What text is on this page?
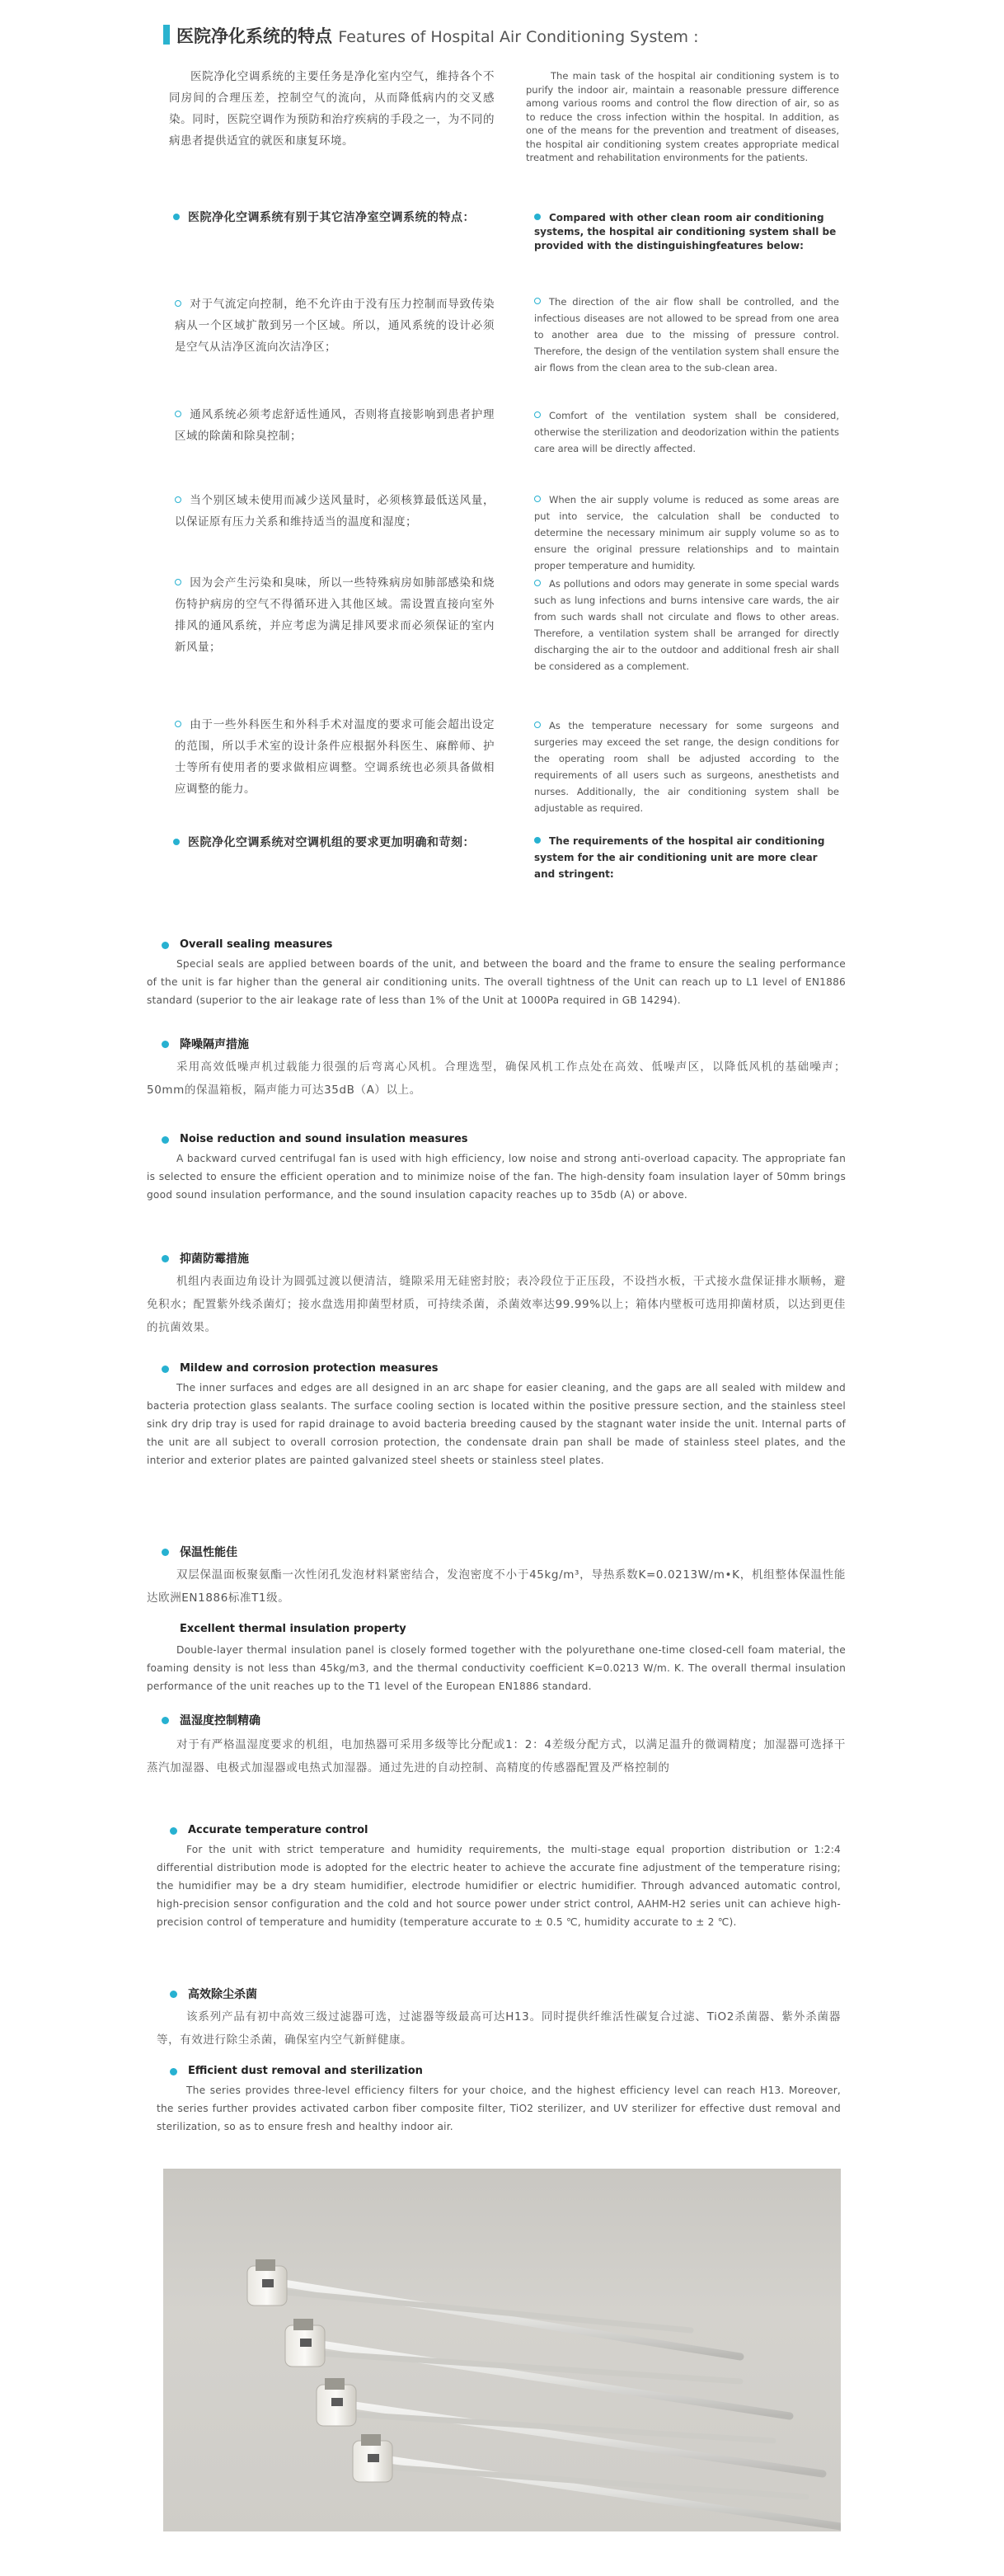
医院净化系统的特点 Features of Hospital Air Conditioning System :
医院净化空调系统的主要任务是净化室内空气，维持各个不同房间的合理压差，控制空气的流向，从而降低病内的交叉感染。同时，医院空调作为预防和治疗疾病的手段之一，为不同的病患者提供适宜的就医和康复环境。
医院净化空调系统有别于其它洁净室空调系统的特点：
对于气流定向控制，绝不允许由于没有压力控制而导致传染病从一个区域扩散到另一个区域。所以，通风系统的设计必须是空气从洁净区流向次洁净区；
通风系统必须考虑舒适性通风，否则将直接影响到患者护理区域的除菌和除臭控制；
当个别区域未使用而减少送风量时，必须核算最低送风量，以保证原有压力关系和维持适当的温度和湿度；
因为会产生污染和臭味，所以一些特殊病房如肺部感染和烧伤特护病房的空气不得循环进入其他区域。需设置直接向室外排风的通风系统，并应考虑为满足排风要求而必须保证的室内新风量；
由于一些外科医生和外科手术对温度的要求可能会超出设定的范围，所以手术室的设计条件应根据外科医生、麻醉师、护士等所有使用者的要求做相应调整。空调系统也必须具备做相应调整的能力。
医院净化空调系统对空调机组的要求更加明确和苛刻：
The main task of the hospital air conditioning system is to purify the indoor air, maintain a reasonable pressure difference among various rooms and control the flow direction of air, so as to reduce the cross infection within the hospital. In addition, as one of the means for the prevention and treatment of diseases, the hospital air conditioning system creates appropriate medical treatment and rehabilitation environments for the patients.
Compared with other clean room air conditioning systems, the hospital air conditioning system shall be provided with the distinguishingfeatures below:
The direction of the air flow shall be controlled, and the infectious diseases are not allowed to be spread from one area to another area due to the missing of pressure control. Therefore, the design of the ventilation system shall ensure the air flows from the clean area to the sub-clean area.
Comfort of the ventilation system shall be considered, otherwise the sterilization and deodorization within the patients care area will be directly affected.
When the air supply volume is reduced as some areas are put into service, the calculation shall be conducted to determine the necessary minimum air supply volume so as to ensure the original pressure relationships and to maintain proper temperature and humidity.
As pollutions and odors may generate in some special wards such as lung infections and burns intensive care wards, the air from such wards shall not circulate and flows to other areas. Therefore, a ventilation system shall be arranged for directly discharging the air to the outdoor and additional fresh air shall be considered as a complement.
As the temperature necessary for some surgeons and surgeries may exceed the set range, the design conditions for the operating room shall be adjusted according to the requirements of all users such as surgeons, anesthetists and nurses. Additionally, the air conditioning system shall be adjustable as required.
The requirements of the hospital air conditioning system for the air conditioning unit are more clear and stringent:
Overall sealing measures
Special seals are applied between boards of the unit, and between the board and the frame to ensure the sealing performance of the unit is far higher than the general air conditioning units. The overall tightness of the Unit can reach up to L1 level of EN1886 standard (superior to the air leakage rate of less than 1% of the Unit at 1000Pa required in GB 14294).
降噪隔声措施
采用高效低噪声机过载能力很强的后弯离心风机。合理选型，确保风机工作点处在高效、低噪声区，以降低风机的基础噪声；50mm的保温箱板，隔声能力可达35dB（A）以上。
Noise reduction and sound insulation measures
A backward curved centrifugal fan is used with high efficiency, low noise and strong anti-overload capacity. The appropriate fan is selected to ensure the efficient operation and to minimize noise of the fan. The high-density foam insulation layer of 50mm brings good sound insulation performance, and the sound insulation capacity reaches up to 35db (A) or above.
抑菌防霉措施
机组内表面边角设计为圆弧过渡以便清洁，缝隙采用无硅密封胶；表冷段位于正压段，不设挡水板，干式接水盘保证排水顺畅，避免积水；配置紫外线杀菌灯；接水盘选用抑菌型材质，可持续杀菌，杀菌效率达99.99%以上；箱体内壁板可选用抑菌材质，以达到更佳的抗菌效果。
Mildew and corrosion protection measures
The inner surfaces and edges are all designed in an arc shape for easier cleaning, and the gaps are all sealed with mildew and bacteria protection glass sealants. The surface cooling section is located within the positive pressure section, and the stainless steel sink dry drip tray is used for rapid drainage to avoid bacteria breeding caused by the stagnant water inside the unit. Internal parts of the unit are all subject to overall corrosion protection, the condensate drain pan shall be made of stainless steel plates, and the interior and exterior plates are painted galvanized steel sheets or stainless steel plates.
保温性能佳
双层保温面板聚氨酯一次性闭孔发泡材料紧密结合，发泡密度不小于45kg/m³，导热系数K=0.0213W/m•K，机组整体保温性能达欧洲EN1886标准T1级。
Excellent thermal insulation property
Double-layer thermal insulation panel is closely formed together with the polyurethane one-time closed-cell foam material, the foaming density is not less than 45kg/m3, and the thermal conductivity coefficient K=0.0213 W/m. K. The overall thermal insulation performance of the unit reaches up to the T1 level of the European EN1886 standard.
温湿度控制精确
对于有严格温湿度要求的机组，电加热器可采用多级等比分配或1：2：4差级分配方式，以满足温升的微调精度；加湿器可选择干蒸汽加湿器、电极式加湿器或电热式加湿器。通过先进的自动控制、高精度的传感器配置及严格控制的
Accurate temperature control
For the unit with strict temperature and humidity requirements, the multi-stage equal proportion distribution or 1:2:4 differential distribution mode is adopted for the electric heater to achieve the accurate fine adjustment of the temperature rising; the humidifier may be a dry steam humidifier, electrode humidifier or electric humidifier. Through advanced automatic control, high-precision sensor configuration and the cold and hot source power under strict control, AAHM-H2 series unit can achieve high-precision control of temperature and humidity (temperature accurate to ± 0.5 ℃, humidity accurate to ± 2 ℃).
高效除尘杀菌
该系列产品有初中高效三级过滤器可选，过滤器等级最高可达H13。同时提供纤维活性碳复合过滤、TiO2杀菌器、紫外杀菌器等，有效进行除尘杀菌，确保室内空气新鲜健康。
Efficient dust removal and sterilization
The series provides three-level efficiency filters for your choice, and the highest efficiency level can reach H13. Moreover, the series further provides activated carbon fiber composite filter, TiO2 sterilizer, and UV sterilizer for effective dust removal and sterilization, so as to ensure fresh and healthy indoor air.
